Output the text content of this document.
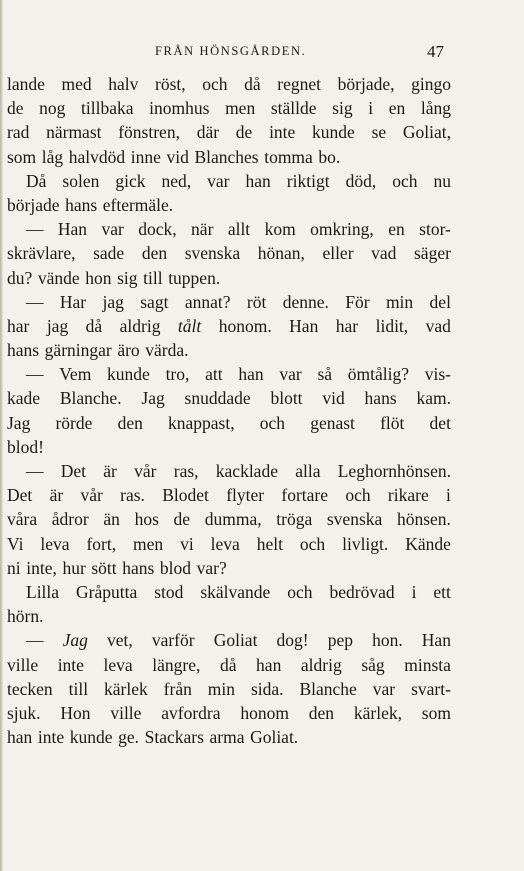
FRÅN HÖNSGÅRDEN.	47
lande med halv röst, och då regnet började, gingo
de nog tillbaka inomhus men ställde sig i en lång
rad närmast fönstren, där de inte kunde se Goliat,
som låg halvdöd inne vid Blanches tomma bo.
Då solen gick ned, var han riktigt död, och nu
började hans eftermäle.
— Han var dock, när allt kom omkring, en stor-
skrävlare, sade den svenska hönan, eller vad säger
du? vände hon sig till tuppen.
— Har jag sagt annat? röt denne. För min del
har jag då aldrig tålt honom. Han har lidit, vad
hans gärningar äro värda.
— Vem kunde tro, att han var så ömtålig? vis-
kade Blanche. Jag snuddade blott vid hans kam.
Jag rörde den knappast, och genast flöt det
blod!
— Det är vår ras, kacklade alla Leghornhönsen.
Det är vår ras. Blodet flyter fortare och rikare i
våra ådror än hos de dumma, tröga svenska hönsen.
Vi leva fort, men vi leva helt och livligt. Kände
ni inte, hur sött hans blod var?
Lilla Gråputta stod skälvande och bedrövad i ett
hörn.
— Jag vet, varför Goliat dog! pep hon. Han
ville inte leva längre, då han aldrig såg minsta
tecken till kärlek från min sida. Blanche var svart-
sjuk. Hon ville avfordra honom den kärlek, som
han inte kunde ge. Stackars arma Goliat.
